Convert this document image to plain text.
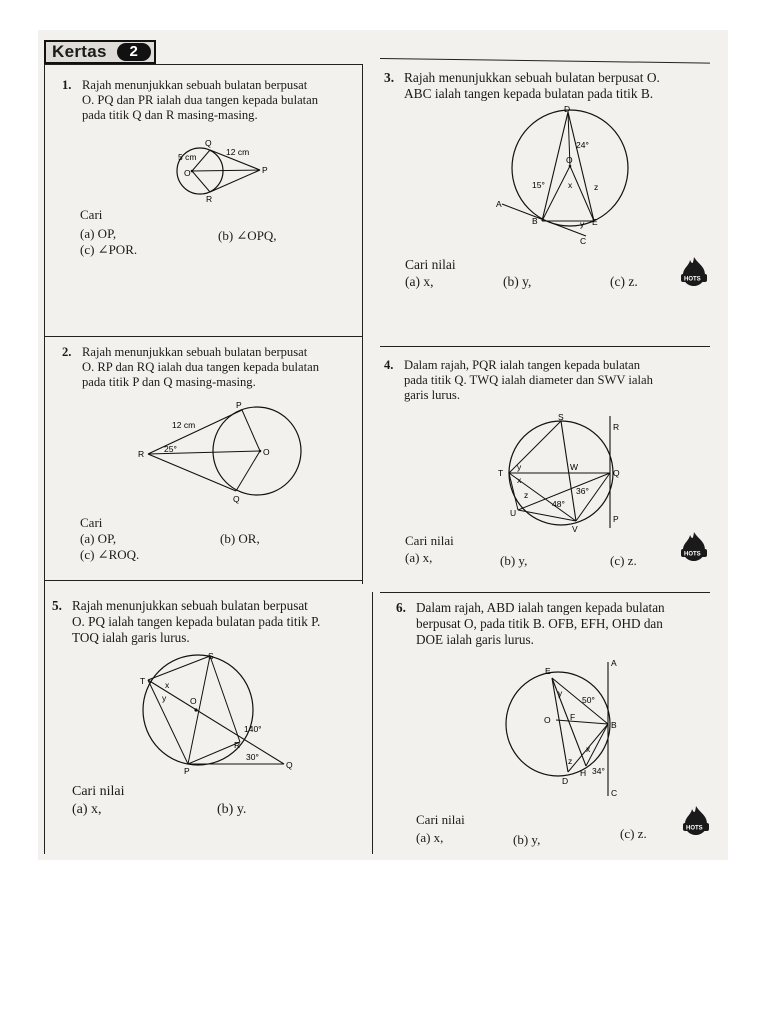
Kertas	2
1. Rajah menunjukkan sebuah bulatan berpusat

O. PQ dan PR ialah dua tangen kepada bulatan

pada titik Q dan R masing-masing.

Q
O	P
R
5 cm	12 cm

Cari

(a) OP,	(b) ∠OPQ,
(c) ∠POR.
2. Rajah menunjukkan sebuah bulatan berpusat

O. RP dan RQ ialah dua tangen kepada bulatan

pada titik P dan Q masing-masing.

P
R	O
Q
12 cm
25°

Cari

(a) OP,	(b) OR,
(c) ∠ROQ.
3. Rajah menunjukkan sebuah bulatan berpusat O.

ABC ialah tangen kepada bulatan pada titik B.

D
24°
O
15°	x	z
A
B	y E
C

Cari nilai

(a) x,	(b) y,	(c) z.	HOTS
4. Dalam rajah, PQR ialah tangen kepada bulatan

pada titik Q. TWQ ialah diameter dan SWV ialah

garis lurus.

S
R
T
y
x
W
Q
36°
z
48°
U
V
P

Cari nilai

(a) x,	(b) y,	(c) z.	HOTS
5. Rajah menunjukkan sebuah bulatan berpusat

O. PQ ialah tangen kepada bulatan pada titik P.

TOQ ialah garis lurus.

S
T x
O
y
140°
R
30°
P
Q

Cari nilai

(a) x,	(b) y.
6. Dalam rajah, ABD ialah tangen kepada bulatan

berpusat O, pada titik B. OFB, EFH, OHD dan

DOE ialah garis lurus.

E
A
y
50°
O F
B
x
z
34°
D
H
C

Cari nilai

(a) x,	(b) y,	(c) z.	HOTS
